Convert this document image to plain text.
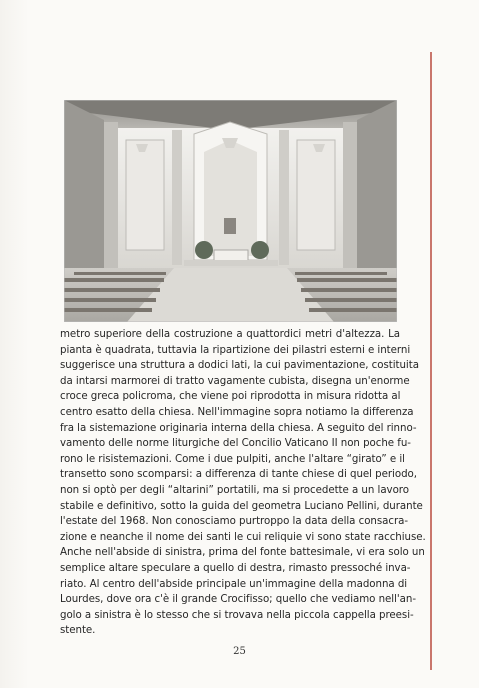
metro superiore della costruzione a quattordici metri d'altezza. La
pianta è quadrata, tuttavia la ripartizione dei pilastri esterni e interni
suggerisce una struttura a dodici lati, la cui pavimentazione, costituita
da intarsi marmorei di tratto vagamente cubista, disegna un'enorme
croce greca policroma, che viene poi riprodotta in misura ridotta al
centro esatto della chiesa. Nell'immagine sopra notiamo la differenza
fra la sistemazione originaria interna della chiesa. A seguito del rinno-
vamento delle norme liturgiche del Concilio Vaticano II non poche fu-
rono le risistemazioni. Come i due pulpiti, anche l'altare “girato” e il
transetto sono scomparsi: a differenza di tante chiese di quel periodo,
non si optò per degli “altarini” portatili, ma si procedette a un lavoro
stabile e definitivo, sotto la guida del geometra Luciano Pellini, durante
l'estate del 1968. Non conosciamo purtroppo la data della consacra-
zione e neanche il nome dei santi le cui reliquie vi sono state racchiuse.
Anche nell'abside di sinistra, prima del fonte battesimale, vi era solo un
semplice altare speculare a quello di destra, rimasto pressoché inva-
riato. Al centro dell'abside principale un'immagine della madonna di
Lourdes, dove ora c'è il grande Crocifisso; quello che vediamo nell'an-
golo a sinistra è lo stesso che si trovava nella piccola cappella preesi-
stente.
25
